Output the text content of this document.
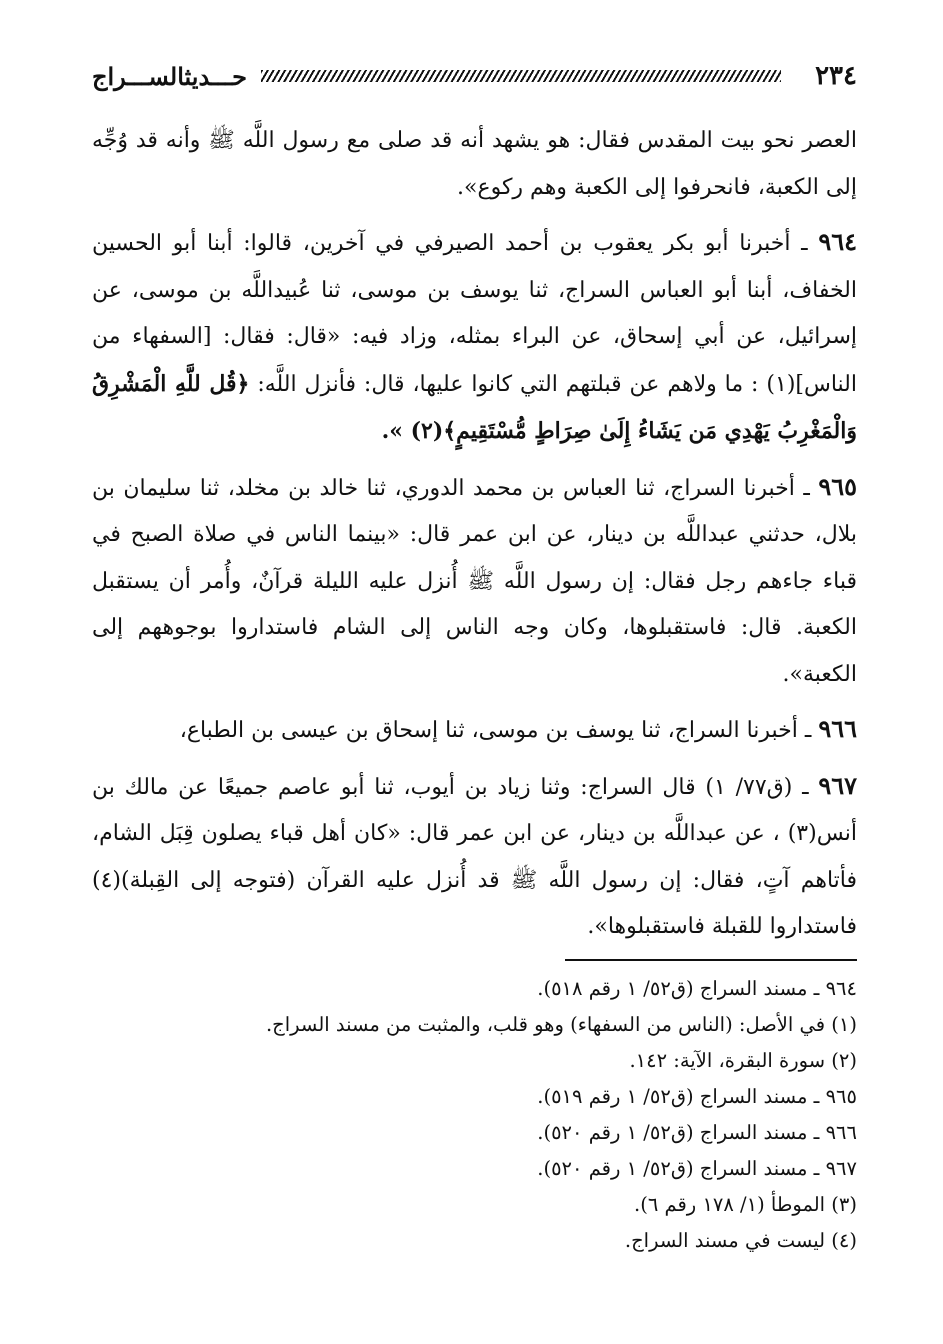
٢٣٤
حـــديثالســـراج

العصر نحو بيت المقدس فقال: هو يشهد أنه قد صلى مع رسول اللَّه ﷺ وأنه قد وُجِّه إلى الكعبة، فانحرفوا إلى الكعبة وهم ركوع».

٩٦٤ ـ أخبرنا أبو بكر يعقوب بن أحمد الصيرفي في آخرين، قالوا: أبنا أبو الحسين الخفاف، أبنا أبو العباس السراج، ثنا يوسف بن موسى، ثنا عُبيداللَّه بن موسى، عن إسرائيل، عن أبي إسحاق، عن البراء بمثله، وزاد فيه: «قال: فقال: [السفهاء من الناس](١) : ما ولاهم عن قبلتهم التي كانوا عليها، قال: فأنزل اللَّه: ﴿قُل للَّهِ الْمَشْرِقُ وَالْمَغْرِبُ يَهْدِي مَن يَشَاءُ إِلَىٰ صِرَاطٍ مُّسْتَقِيمٍ﴾(٢) ».

٩٦٥ ـ أخبرنا السراج، ثنا العباس بن محمد الدوري، ثنا خالد بن مخلد، ثنا سليمان بن بلال، حدثني عبداللَّه بن دينار، عن ابن عمر قال: «بينما الناس في صلاة الصبح في قباء جاءهم رجل فقال: إن رسول اللَّه ﷺ أُنزل عليه الليلة قرآنٌ، وأُمر أن يستقبل الكعبة. قال: فاستقبلوها، وكان وجه الناس إلى الشام فاستداروا بوجوههم إلى الكعبة».

٩٦٦ ـ أخبرنا السراج، ثنا يوسف بن موسى، ثنا إسحاق بن عيسى بن الطباع،

٩٦٧ ـ (ق٧٧/ ١) قال السراج: وثنا زياد بن أيوب، ثنا أبو عاصم جميعًا عن مالك بن أنس(٣) ، عن عبداللَّه بن دينار، عن ابن عمر قال: «كان أهل قباء يصلون قِبَل الشام، فأتاهم آتٍ، فقال: إن رسول اللَّه ﷺ قد أُنزل عليه القرآن (فتوجه إلى القِبلة)(٤) فاستداروا للقبلة فاستقبلوها».

٩٦٤ ـ مسند السراج (ق٥٢/ ١ رقم ٥١٨).

(١) في الأصل: (الناس من السفهاء) وهو قلب، والمثبت من مسند السراج.

(٢) سورة البقرة، الآية: ١٤٢.

٩٦٥ ـ مسند السراج (ق٥٢/ ١ رقم ٥١٩).

٩٦٦ ـ مسند السراج (ق٥٢/ ١ رقم ٥٢٠).

٩٦٧ ـ مسند السراج (ق٥٢/ ١ رقم ٥٢٠).

(٣) الموطأ (١/ ١٧٨ رقم ٦).

(٤) ليست في مسند السراج.
